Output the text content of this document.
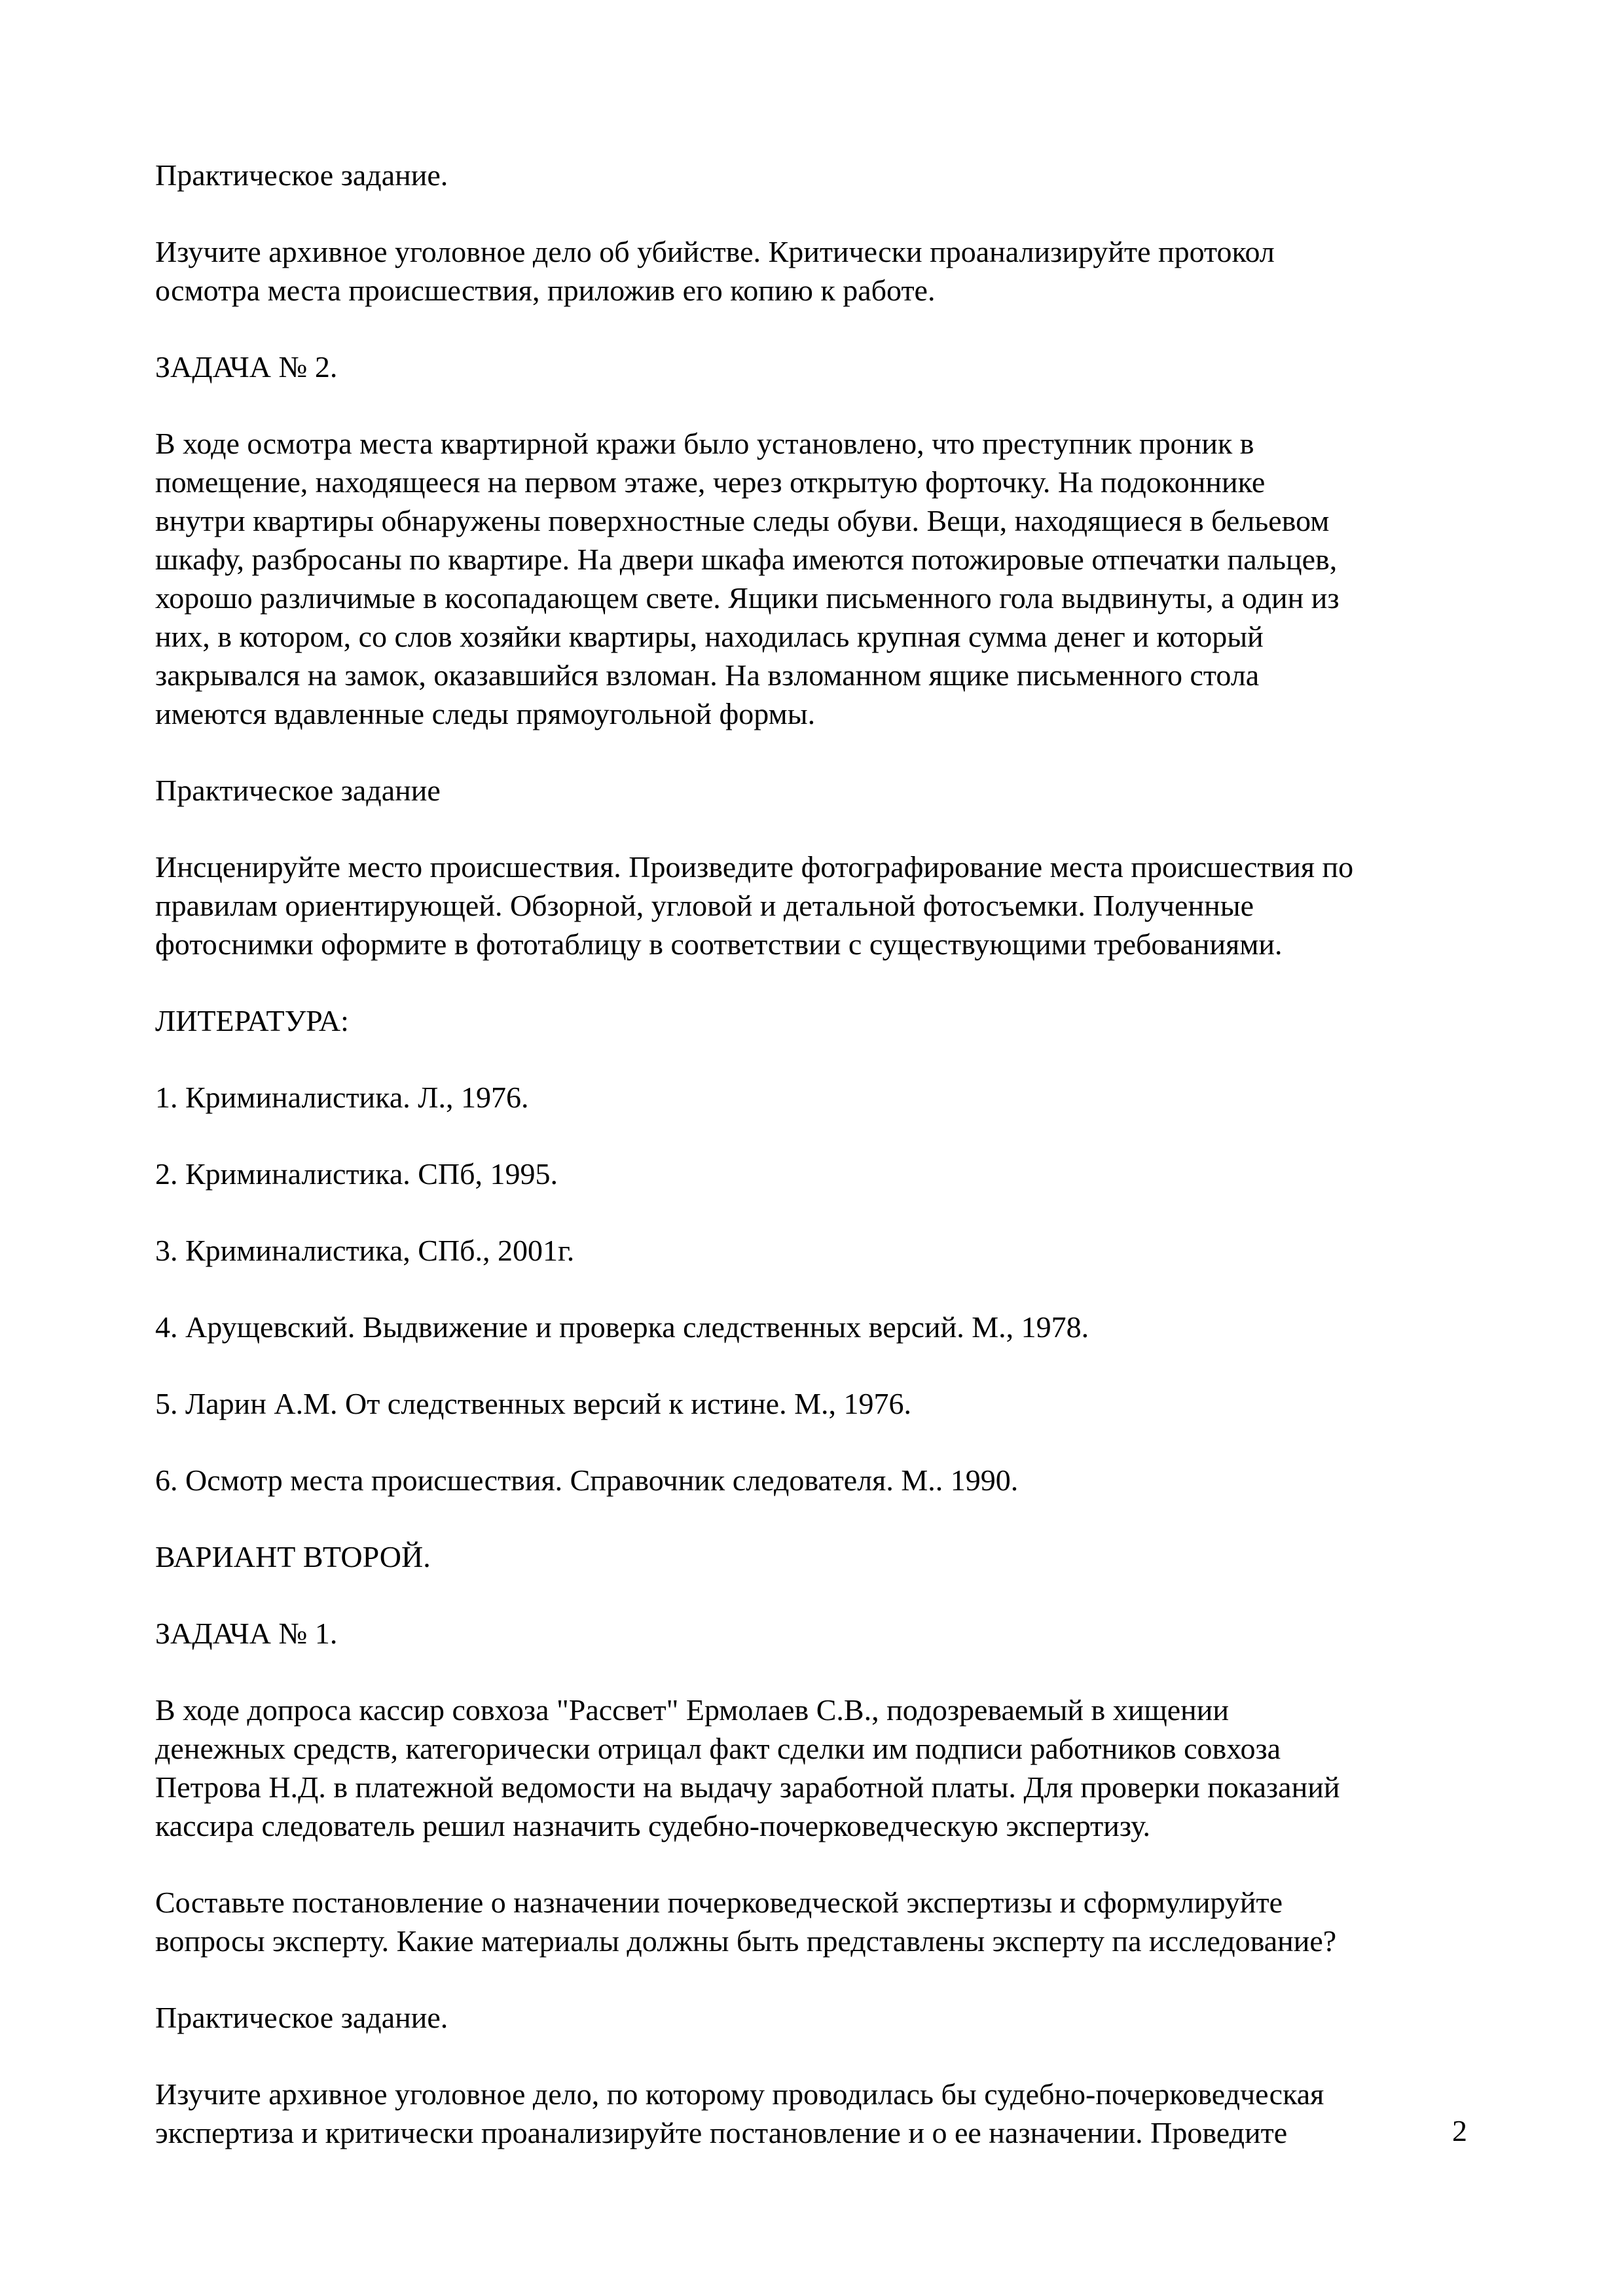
Практическое задание.
Изучите архивное уголовное дело об убийстве. Критически проанализируйте протокол
осмотра места происшествия, приложив его копию к работе.
ЗАДАЧА № 2.
В ходе осмотра места квартирной кражи было установлено, что преступник проник в
помещение, находящееся на первом этаже, через открытую форточку. На подоконнике
внутри квартиры обнаружены поверхностные следы обуви. Вещи, находящиеся в бельевом
шкафу, разбросаны по квартире. На двери шкафа имеются потожировые отпечатки пальцев,
хорошо различимые в косопадающем свете. Ящики письменного гола выдвинуты, а один из
них, в котором, со слов хозяйки квартиры, находилась крупная сумма денег и который
закрывался на замок, оказавшийся взломан. На взломанном ящике письменного стола
имеются вдавленные следы прямоугольной формы.
Практическое задание
Инсценируйте место происшествия. Произведите фотографирование места происшествия по
правилам ориентирующей. Обзорной, угловой и детальной фотосъемки. Полученные
фотоснимки оформите в фототаблицу в соответствии с существующими требованиями.
ЛИТЕРАТУРА:
1. Криминалистика. Л., 1976.
2. Криминалистика. СПб, 1995.
3. Криминалистика, СПб., 2001г.
4. Арущевский. Выдвижение и проверка следственных версий. М., 1978.
5. Ларин А.М. От следственных версий к истине. М., 1976.
6. Осмотр места происшествия. Справочник следователя. М.. 1990.
ВАРИАНТ ВТОРОЙ.
ЗАДАЧА № 1.
В ходе допроса кассир совхоза "Рассвет" Ермолаев С.В., подозреваемый в хищении
денежных средств, категорически отрицал факт сделки им подписи работников совхоза
Петрова Н.Д. в платежной ведомости на выдачу заработной платы. Для проверки показаний
кассира следователь решил назначить судебно-почерковедческую экспертизу.
Составьте постановление о назначении почерковедческой экспертизы и сформулируйте
вопросы эксперту. Какие материалы должны быть представлены эксперту па исследование?
Практическое задание.
Изучите архивное уголовное дело, по которому проводилась бы судебно-почерковедческая
экспертиза и критически проанализируйте постановление и о ее назначении. Проведите	2
